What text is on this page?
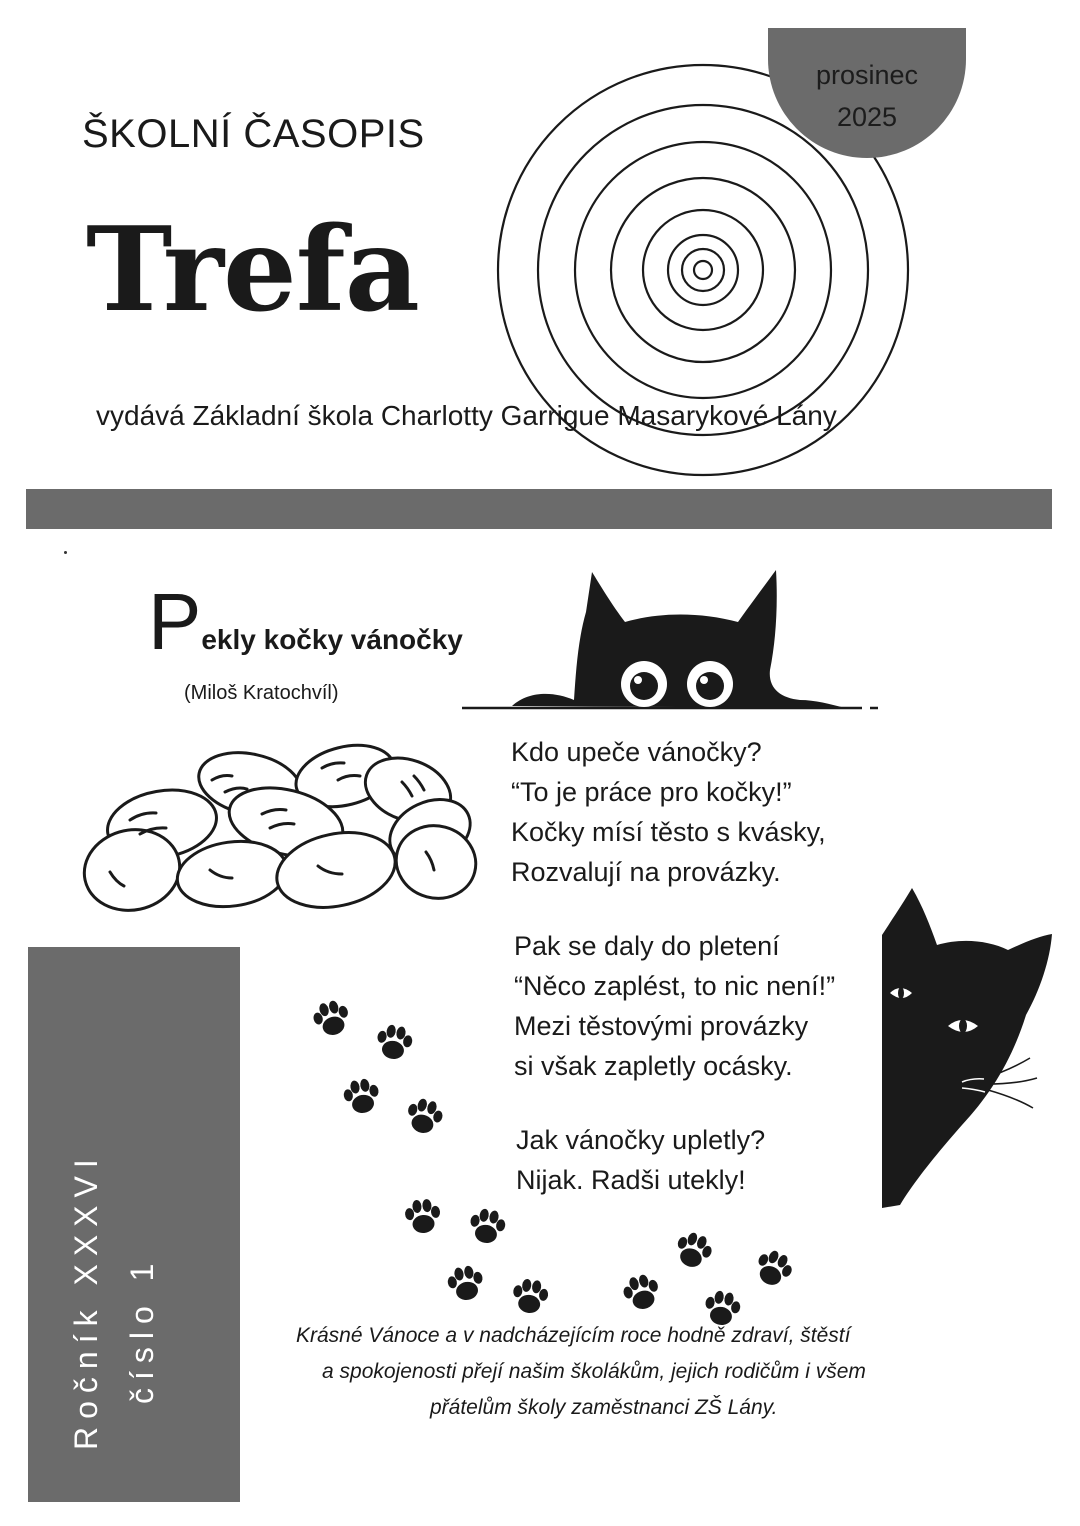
prosinec
2025
ŠKOLNÍ ČASOPIS
Trefa
vydává Základní škola Charlotty Garrigue Masarykové Lány
Pekly kočky vánočky
(Miloš Kratochvíl)
Kdo upeče vánočky?
“To je práce pro kočky!”
Kočky mísí těsto s kvásky,
Rozvalují na provázky.
Pak se daly do pletení
“Něco zaplést, to nic není!”
Mezi těstovými provázky
si však zapletly ocásky.
Jak vánočky upletly?
Nijak. Radši utekly!
Ročník XXXVI číslo 1	Krásné Vánoce a v nadcházejícím roce hodně zdraví, štěstí
a spokojenosti přejí našim školákům, jejich rodičům i všem
přátelům školy zaměstnanci ZŠ Lány.
